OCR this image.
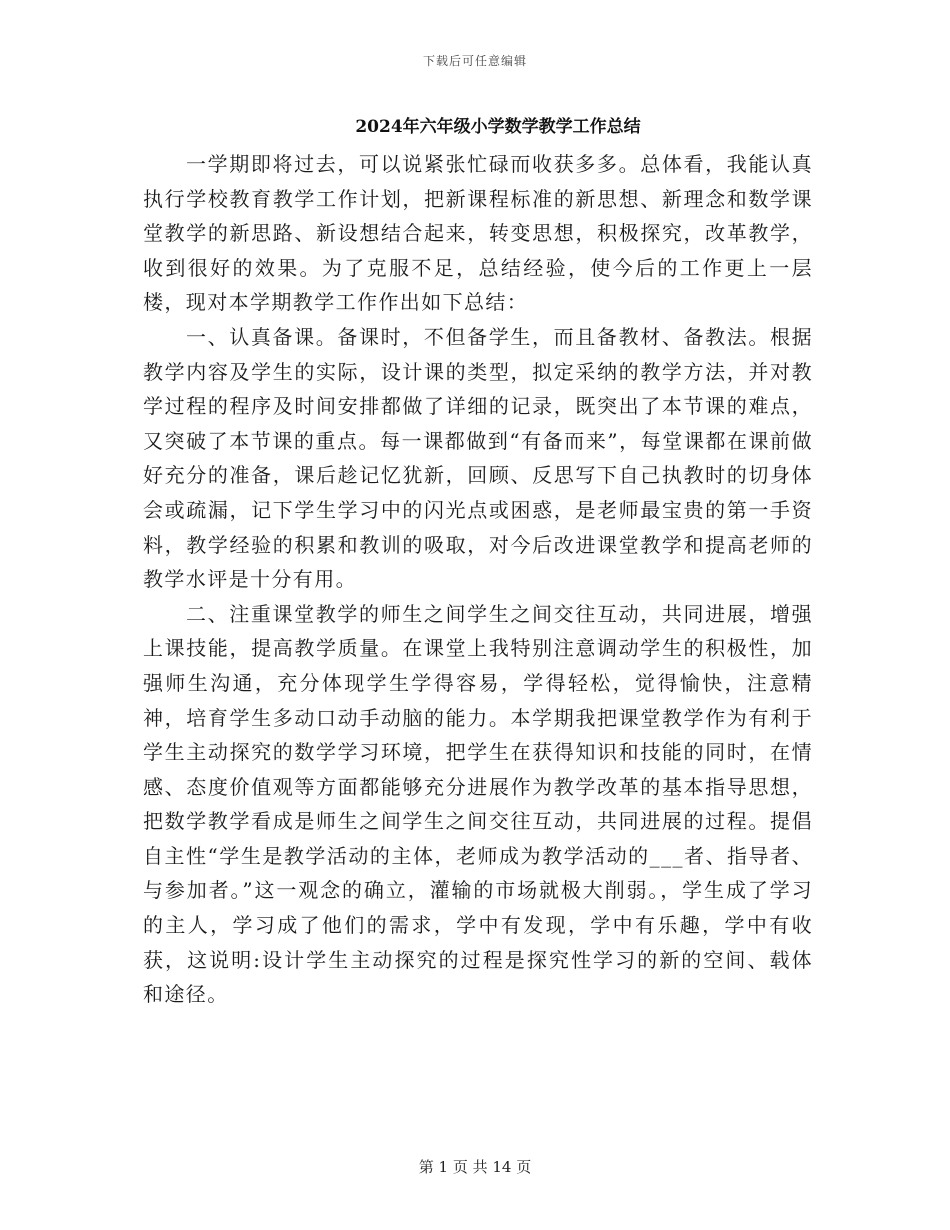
下载后可任意编辑
2024年六年级小学数学教学工作总结

一学期即将过去，可以说紧张忙碌而收获多多。总体看，我能认真执行学校教育教学工作计划，把新课程标准的新思想、新理念和数学课堂教学的新思路、新设想结合起来，转变思想，积极探究，改革教学，收到很好的效果。为了克服不足，总结经验，使今后的工作更上一层楼，现对本学期教学工作作出如下总结：

一、认真备课。备课时，不但备学生，而且备教材、备教法。根据教学内容及学生的实际，设计课的类型，拟定采纳的教学方法，并对教学过程的程序及时间安排都做了详细的记录，既突出了本节课的难点，又突破了本节课的重点。每一课都做到“有备而来”，每堂课都在课前做好充分的准备，课后趁记忆犹新，回顾、反思写下自己执教时的切身体会或疏漏，记下学生学习中的闪光点或困惑，是老师最宝贵的第一手资料，教学经验的积累和教训的吸取，对今后改进课堂教学和提高老师的教学水评是十分有用。

二、注重课堂教学的师生之间学生之间交往互动，共同进展，增强上课技能，提高教学质量。在课堂上我特别注意调动学生的积极性，加强师生沟通，充分体现学生学得容易，学得轻松，觉得愉快，注意精神，培育学生多动口动手动脑的能力。本学期我把课堂教学作为有利于学生主动探究的数学学习环境，把学生在获得知识和技能的同时，在情感、态度价值观等方面都能够充分进展作为教学改革的基本指导思想，把数学教学看成是师生之间学生之间交往互动，共同进展的过程。提倡自主性“学生是教学活动的主体，老师成为教学活动的___者、指导者、与参加者。”这一观念的确立，灌输的市场就极大削弱。，学生成了学习的主人，学习成了他们的需求，学中有发现，学中有乐趣，学中有收获，这说明:设计学生主动探究的过程是探究性学习的新的空间、载体和途径。

第 1 页 共 14 页
